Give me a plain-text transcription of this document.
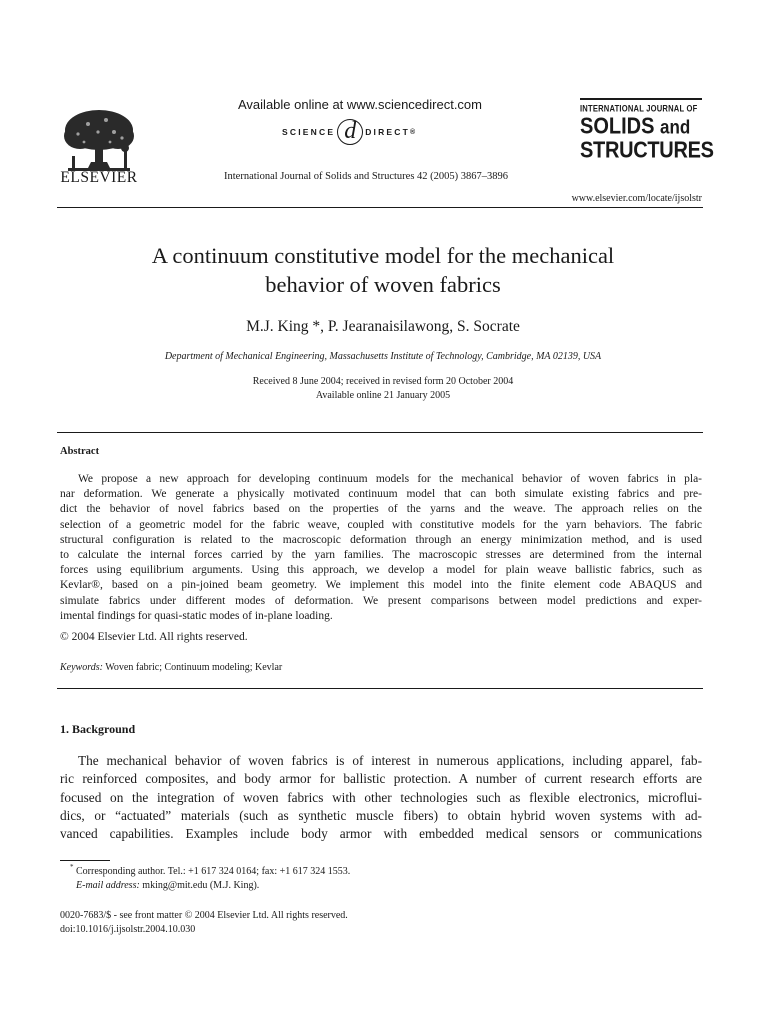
ELSEVIER
Available online at www.sciencedirect.com
SCIENCE d	DIRECT ®
International Journal of Solids and Structures 42 (2005) 3867–3896
INTERNATIONAL JOURNAL OF
SOLIDS and
STRUCTURES
www.elsevier.com/locate/ijsolstr
A continuum constitutive model for the mechanical
behavior of woven fabrics
M.J. King *, P. Jearanaisilawong, S. Socrate
Department of Mechanical Engineering, Massachusetts Institute of Technology, Cambridge, MA 02139, USA
Received 8 June 2004; received in revised form 20 October 2004
Available online 21 January 2005
Abstract
We propose a new approach for developing continuum models for the mechanical behavior of woven fabrics in pla-
nar deformation. We generate a physically motivated continuum model that can both simulate existing fabrics and pre-
dict the behavior of novel fabrics based on the properties of the yarns and the weave. The approach relies on the
selection of a geometric model for the fabric weave, coupled with constitutive models for the yarn behaviors. The fabric
structural configuration is related to the macroscopic deformation through an energy minimization method, and is used
to calculate the internal forces carried by the yarn families. The macroscopic stresses are determined from the internal
forces using equilibrium arguments. Using this approach, we develop a model for plain weave ballistic fabrics, such as
Kevlar®, based on a pin-joined beam geometry. We implement this model into the finite element code ABAQUS and
simulate fabrics under different modes of deformation. We present comparisons between model predictions and exper-
imental findings for quasi-static modes of in-plane loading.
© 2004 Elsevier Ltd. All rights reserved.
Keywords: Woven fabric; Continuum modeling; Kevlar
1. Background
The mechanical behavior of woven fabrics is of interest in numerous applications, including apparel, fab-
ric reinforced composites, and body armor for ballistic protection. A number of current research efforts are
focused on the integration of woven fabrics with other technologies such as flexible electronics, microflui-
dics, or “actuated” materials (such as synthetic muscle fibers) to obtain hybrid woven systems with ad-
vanced capabilities. Examples include body armor with embedded medical sensors or communications
* Corresponding author. Tel.: +1 617 324 0164; fax: +1 617 324 1553.
E-mail address: mking@mit.edu (M.J. King).
0020-7683/$ - see front matter © 2004 Elsevier Ltd. All rights reserved.
doi:10.1016/j.ijsolstr.2004.10.030
